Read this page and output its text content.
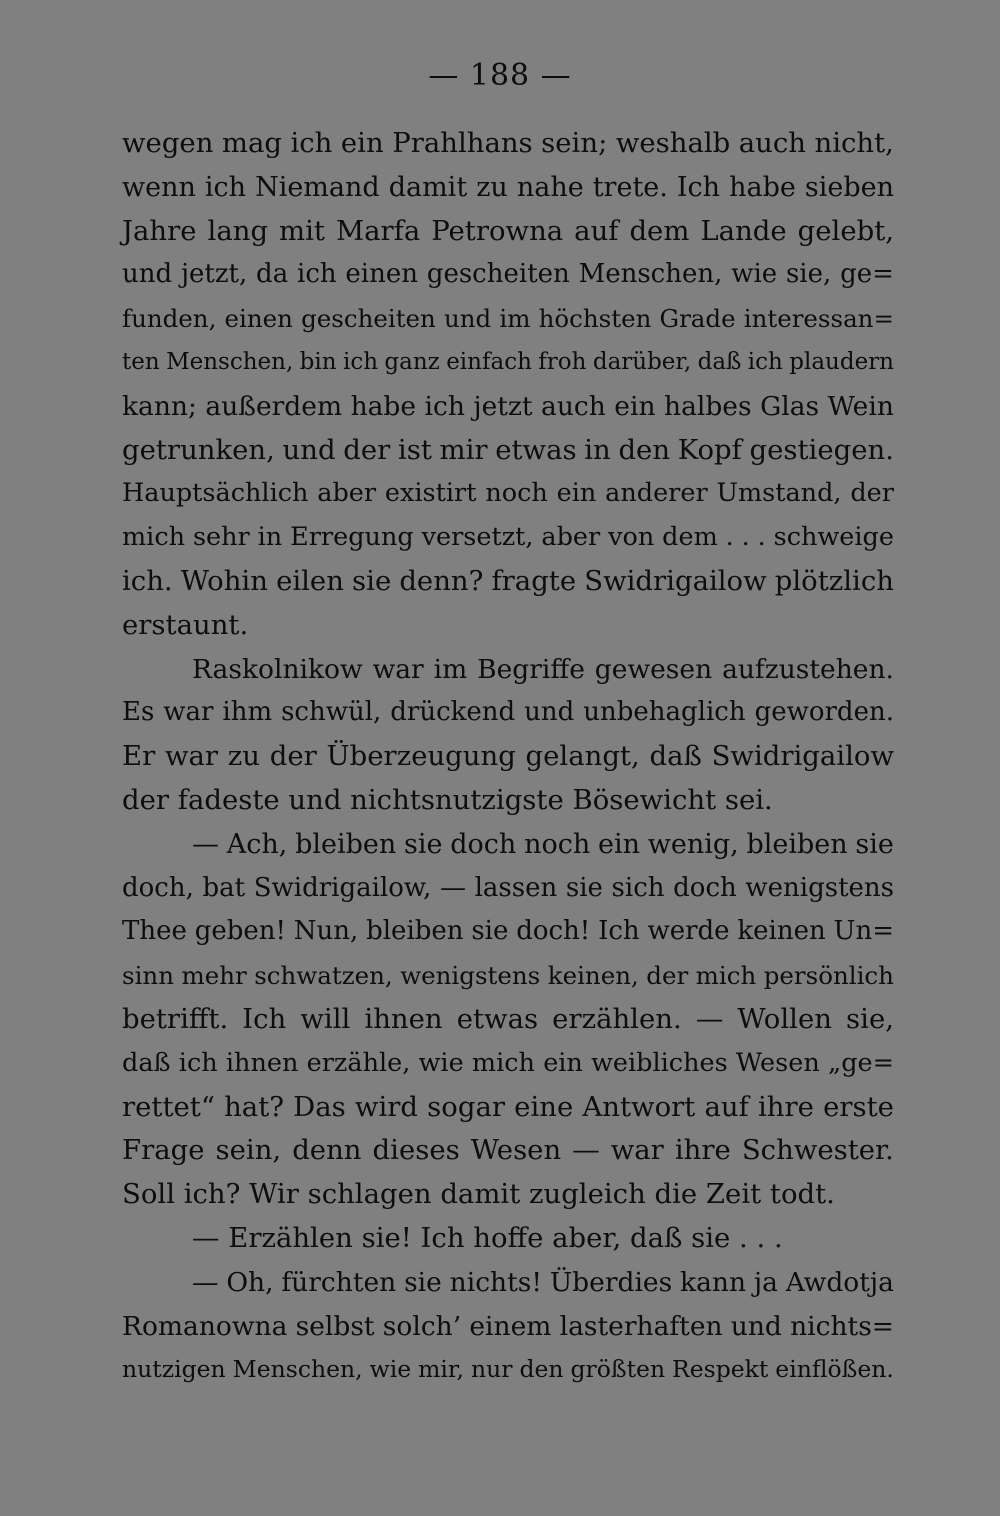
— 188 —
wegen mag ich ein Prahlhans sein; weshalb auch nicht,
wenn ich Niemand damit zu nahe trete. Ich habe sieben
Jahre lang mit Marfa Petrowna auf dem Lande gelebt,
und jetzt, da ich einen gescheiten Menschen, wie sie, ge=
funden, einen gescheiten und im höchsten Grade interessan=
ten Menschen, bin ich ganz einfach froh darüber, daß ich plaudern
kann; außerdem habe ich jetzt auch ein halbes Glas Wein
getrunken, und der ist mir etwas in den Kopf gestiegen.
Hauptsächlich aber existirt noch ein anderer Umstand, der
mich sehr in Erregung versetzt, aber von dem . . . schweige
ich. Wohin eilen sie denn? fragte Swidrigailow plötzlich
erstaunt.
Raskolnikow war im Begriffe gewesen aufzustehen.
Es war ihm schwül, drückend und unbehaglich geworden.
Er war zu der Überzeugung gelangt, daß Swidrigailow
der fadeste und nichtsnutzigste Bösewicht sei.
— Ach, bleiben sie doch noch ein wenig, bleiben sie
doch, bat Swidrigailow, — lassen sie sich doch wenigstens
Thee geben! Nun, bleiben sie doch! Ich werde keinen Un=
sinn mehr schwatzen, wenigstens keinen, der mich persönlich
betrifft. Ich will ihnen etwas erzählen. — Wollen sie,
daß ich ihnen erzähle, wie mich ein weibliches Wesen „ge=
rettet“ hat? Das wird sogar eine Antwort auf ihre erste
Frage sein, denn dieses Wesen — war ihre Schwester.
Soll ich? Wir schlagen damit zugleich die Zeit todt.
— Erzählen sie! Ich hoffe aber, daß sie . . .
— Oh, fürchten sie nichts! Überdies kann ja Awdotja
Romanowna selbst solch’ einem lasterhaften und nichts=
nutzigen Menschen, wie mir, nur den größten Respekt einflößen.
